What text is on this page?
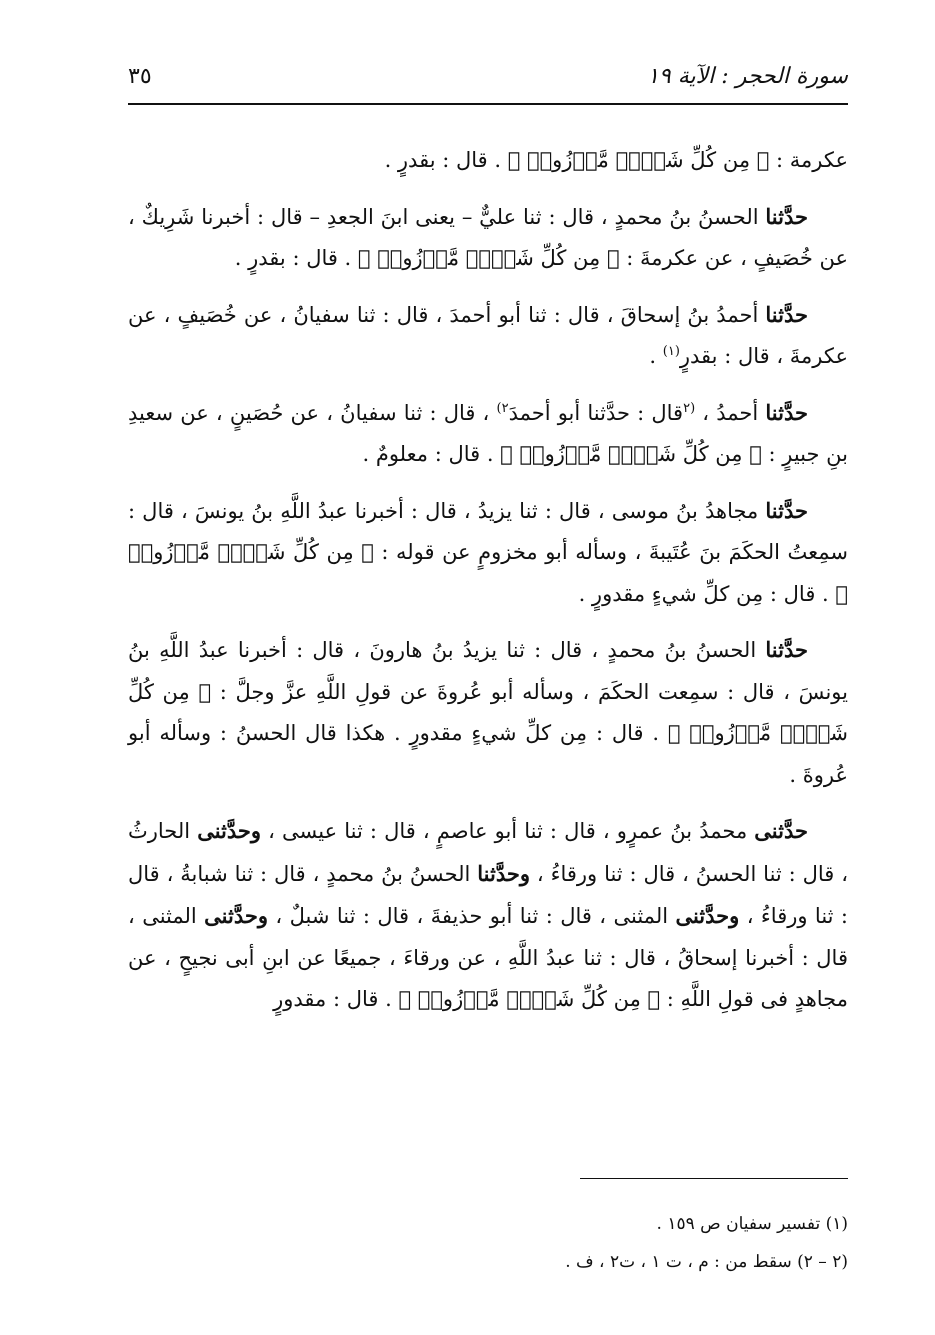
سورة الحجر : الآية ١٩
٣٥

عكرمة : ﴿ مِن كُلِّ شَيۡءٖ مَّوۡزُونٖ ﴾ . قال : بقدرٍ .

حدَّثنا الحسنُ بنُ محمدٍ ، قال : ثنا عليٌّ – يعنى ابنَ الجعدِ – قال : أخبرنا شَرِيكٌ ، عن خُصَيفٍ ، عن عكرمةَ : ﴿ مِن كُلِّ شَيۡءٖ مَّوۡزُونٖ ﴾ . قال : بقدرٍ .

حدَّثنا أحمدُ بنُ إسحاقَ ، قال : ثنا أبو أحمدَ ، قال : ثنا سفيانُ ، عن خُصَيفٍ ، عن عكرمةَ ، قال : بقدرٍ$^{(١)}$ .

حدَّثنا أحمدُ ، $^{(٢}$قال : حدَّثنا أبو أحمدَ$^{٢)}$ ، قال : ثنا سفيانُ ، عن حُصَينٍ ، عن سعيدِ بنِ جبيرٍ : ﴿ مِن كُلِّ شَيۡءٖ مَّوۡزُونٖ ﴾ . قال : معلومٌ .

حدَّثنا مجاهدُ بنُ موسى ، قال : ثنا يزيدُ ، قال : أخبرنا عبدُ اللَّهِ بنُ يونسَ ، قال : سمِعتُ الحكَمَ بنَ عُتَيبةَ ، وسأله أبو مخزومٍ عن قوله : ﴿ مِن كُلِّ شَيۡءٖ مَّوۡزُونٖ ﴾ . قال : مِن كلِّ شيءٍ مقدورٍ .

حدَّثنا الحسنُ بنُ محمدٍ ، قال : ثنا يزيدُ بنُ هارونَ ، قال : أخبرنا عبدُ اللَّهِ بنُ يونسَ ، قال : سمِعت الحكَمَ ، وسأله أبو عُروةَ عن قولِ اللَّهِ عزَّ وجلَّ : ﴿ مِن كُلِّ شَيۡءٖ مَّوۡزُونٖ ﴾ . قال : مِن كلِّ شيءٍ مقدورٍ . هكذا قال الحسنُ : وسأله أبو عُروةَ .

حدَّثنى محمدُ بنُ عمرٍو ، قال : ثنا أبو عاصمٍ ، قال : ثنا عيسى ، وحدَّثنى الحارثُ ، قال : ثنا الحسنُ ، قال : ثنا ورقاءُ ، وحدَّثنا الحسنُ بنُ محمدٍ ، قال : ثنا شبابةُ ، قال : ثنا ورقاءُ ، وحدَّثنى المثنى ، قال : ثنا أبو حذيفةَ ، قال : ثنا شبلٌ ، وحدَّثنى المثنى ، قال : أخبرنا إسحاقُ ، قال : ثنا عبدُ اللَّهِ ، عن ورقاءَ ، جميعًا عن ابنِ أبى نجيحٍ ، عن مجاهدٍ فى قولِ اللَّهِ : ﴿ مِن كُلِّ شَيۡءٖ مَّوۡزُونٖ ﴾ . قال : مقدورٍ

(١) تفسير سفيان ص ١٥٩ .

(٢ – ٢) سقط من : م ، ت ١ ، ت٢ ، ف .
